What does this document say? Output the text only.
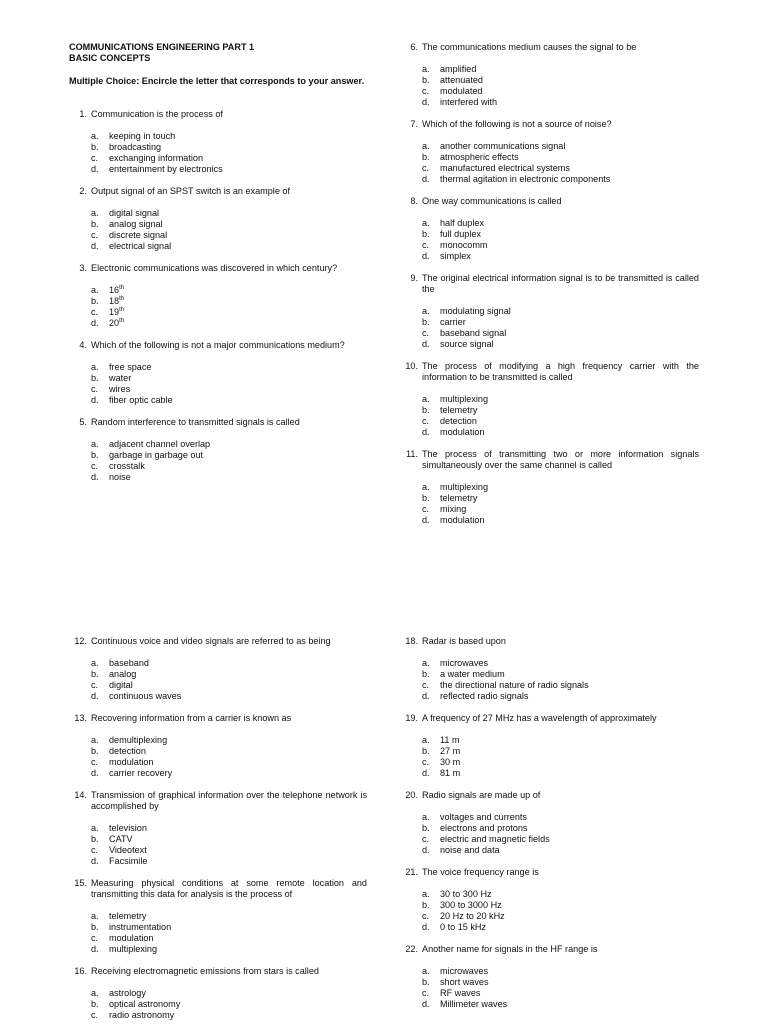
COMMUNICATIONS ENGINEERING PART 1
BASIC CONCEPTS
Multiple Choice: Encircle the letter that corresponds to your answer.
1. Communication is the process of
a.	keeping in touch
b.	broadcasting
c.	exchanging information
d.	entertainment by electronics
2. Output signal of an SPST switch is an example of
a.	digital signal
b.	analog signal
c.	discrete signal
d.	electrical signal
3. Electronic communications was discovered in which century?
a.	16th
b.	18th
c.	19th
d.	20th
4. Which of the following is not a major communications medium?
a.	free space
b.	water
c.	wires
d.	fiber optic cable
5. Random interference to transmitted signals is called
a.	adjacent channel overlap
b.	garbage in garbage out
c.	crosstalk
d.	noise
6. The communications medium causes the signal to be
a.	amplified
b.	attenuated
c.	modulated
d.	interfered with
7. Which of the following is not a source of noise?
a.	another communications signal
b.	atmospheric effects
c.	manufactured electrical systems
d.	thermal agitation in electronic components
8. One way communications is called
a.	half duplex
b.	full duplex
c.	monocomm
d.	simplex
9. The original electrical information signal is to be transmitted is called the
a.	modulating signal
b.	carrier
c.	baseband signal
d.	source signal
10. The process of modifying a high frequency carrier with the information to be transmitted is called
a.	multiplexing
b.	telemetry
c.	detection
d.	modulation
11. The process of transmitting two or more information signals simultaneously over the same channel is called
a.	multiplexing
b.	telemetry
c.	mixing
d.	modulation
12. Continuous voice and video signals are referred to as being
a.	baseband
b.	analog
c.	digital
d.	continuous waves
13. Recovering information from a carrier is known as
a.	demultiplexing
b.	detection
c.	modulation
d.	carrier recovery
14. Transmission of graphical information over the telephone network is accomplished by
a.	television
b.	CATV
c.	Videotext
d.	Facsimile
15. Measuring physical conditions at some remote location and transmitting this data for analysis is the process of
a.	telemetry
b.	instrumentation
c.	modulation
d.	multiplexing
16. Receiving electromagnetic emissions from stars is called
a.	astrology
b.	optical astronomy
c.	radio astronomy
18. Radar is based upon
a.	microwaves
b.	a water medium
c.	the directional nature of radio signals
d.	reflected radio signals
19. A frequency of 27 MHz has a wavelength of approximately
a.	11 m
b.	27 m
c.	30 m
d.	81 m
20. Radio signals are made up of
a.	voltages and currents
b.	electrons and protons
c.	electric and magnetic fields
d.	noise and data
21. The voice frequency range is
a.	30 to 300 Hz
b.	300 to 3000 Hz
c.	20 Hz to 20 kHz
d.	0 to 15 kHz
22. Another name for signals in the HF range is
a.	microwaves
b.	short waves
c.	RF waves
d.	Millimeter waves
